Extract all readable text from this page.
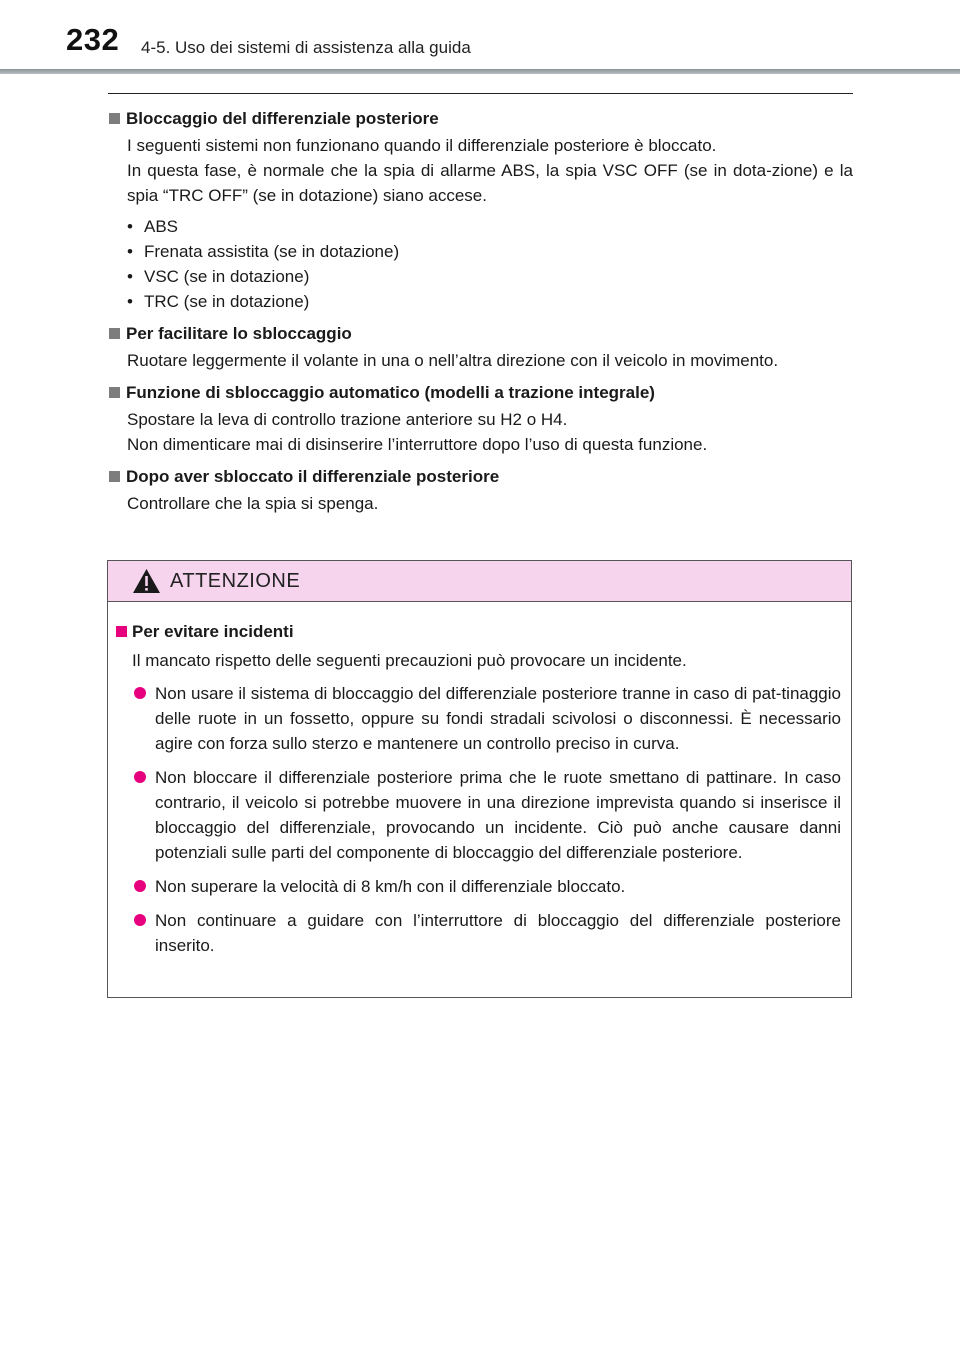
232 4-5. Uso dei sistemi di assistenza alla guida
Bloccaggio del differenziale posteriore

I seguenti sistemi non funzionano quando il differenziale posteriore è bloccato.

In questa fase, è normale che la spia di allarme ABS, la spia VSC OFF (se in dota-zione) e la spia “TRC OFF” (se in dotazione) siano accese.

• ABS
• Frenata assistita (se in dotazione)
• VSC (se in dotazione)
• TRC (se in dotazione)
Per facilitare lo sbloccaggio

Ruotare leggermente il volante in una o nell’altra direzione con il veicolo in movimento.

Funzione di sbloccaggio automatico (modelli a trazione integrale)

Spostare la leva di controllo trazione anteriore su H2 o H4.

Non dimenticare mai di disinserire l’interruttore dopo l’uso di questa funzione.

Dopo aver sbloccato il differenziale posteriore

Controllare che la spia si spenga.

ATTENZIONE
Per evitare incidenti
Il mancato rispetto delle seguenti precauzioni può provocare un incidente.
Non usare il sistema di bloccaggio del differenziale posteriore tranne in caso di pat-tinaggio delle ruote in un fossetto, oppure su fondi stradali scivolosi o disconnessi. È necessario agire con forza sullo sterzo e mantenere un controllo preciso in curva.
Non bloccare il differenziale posteriore prima che le ruote smettano di pattinare. In caso contrario, il veicolo si potrebbe muovere in una direzione imprevista quando si inserisce il bloccaggio del differenziale, provocando un incidente. Ciò può anche causare danni potenziali sulle parti del componente di bloccaggio del differenziale posteriore.
Non superare la velocità di 8 km/h con il differenziale bloccato.
Non continuare a guidare con l’interruttore di bloccaggio del differenziale posteriore inserito.
